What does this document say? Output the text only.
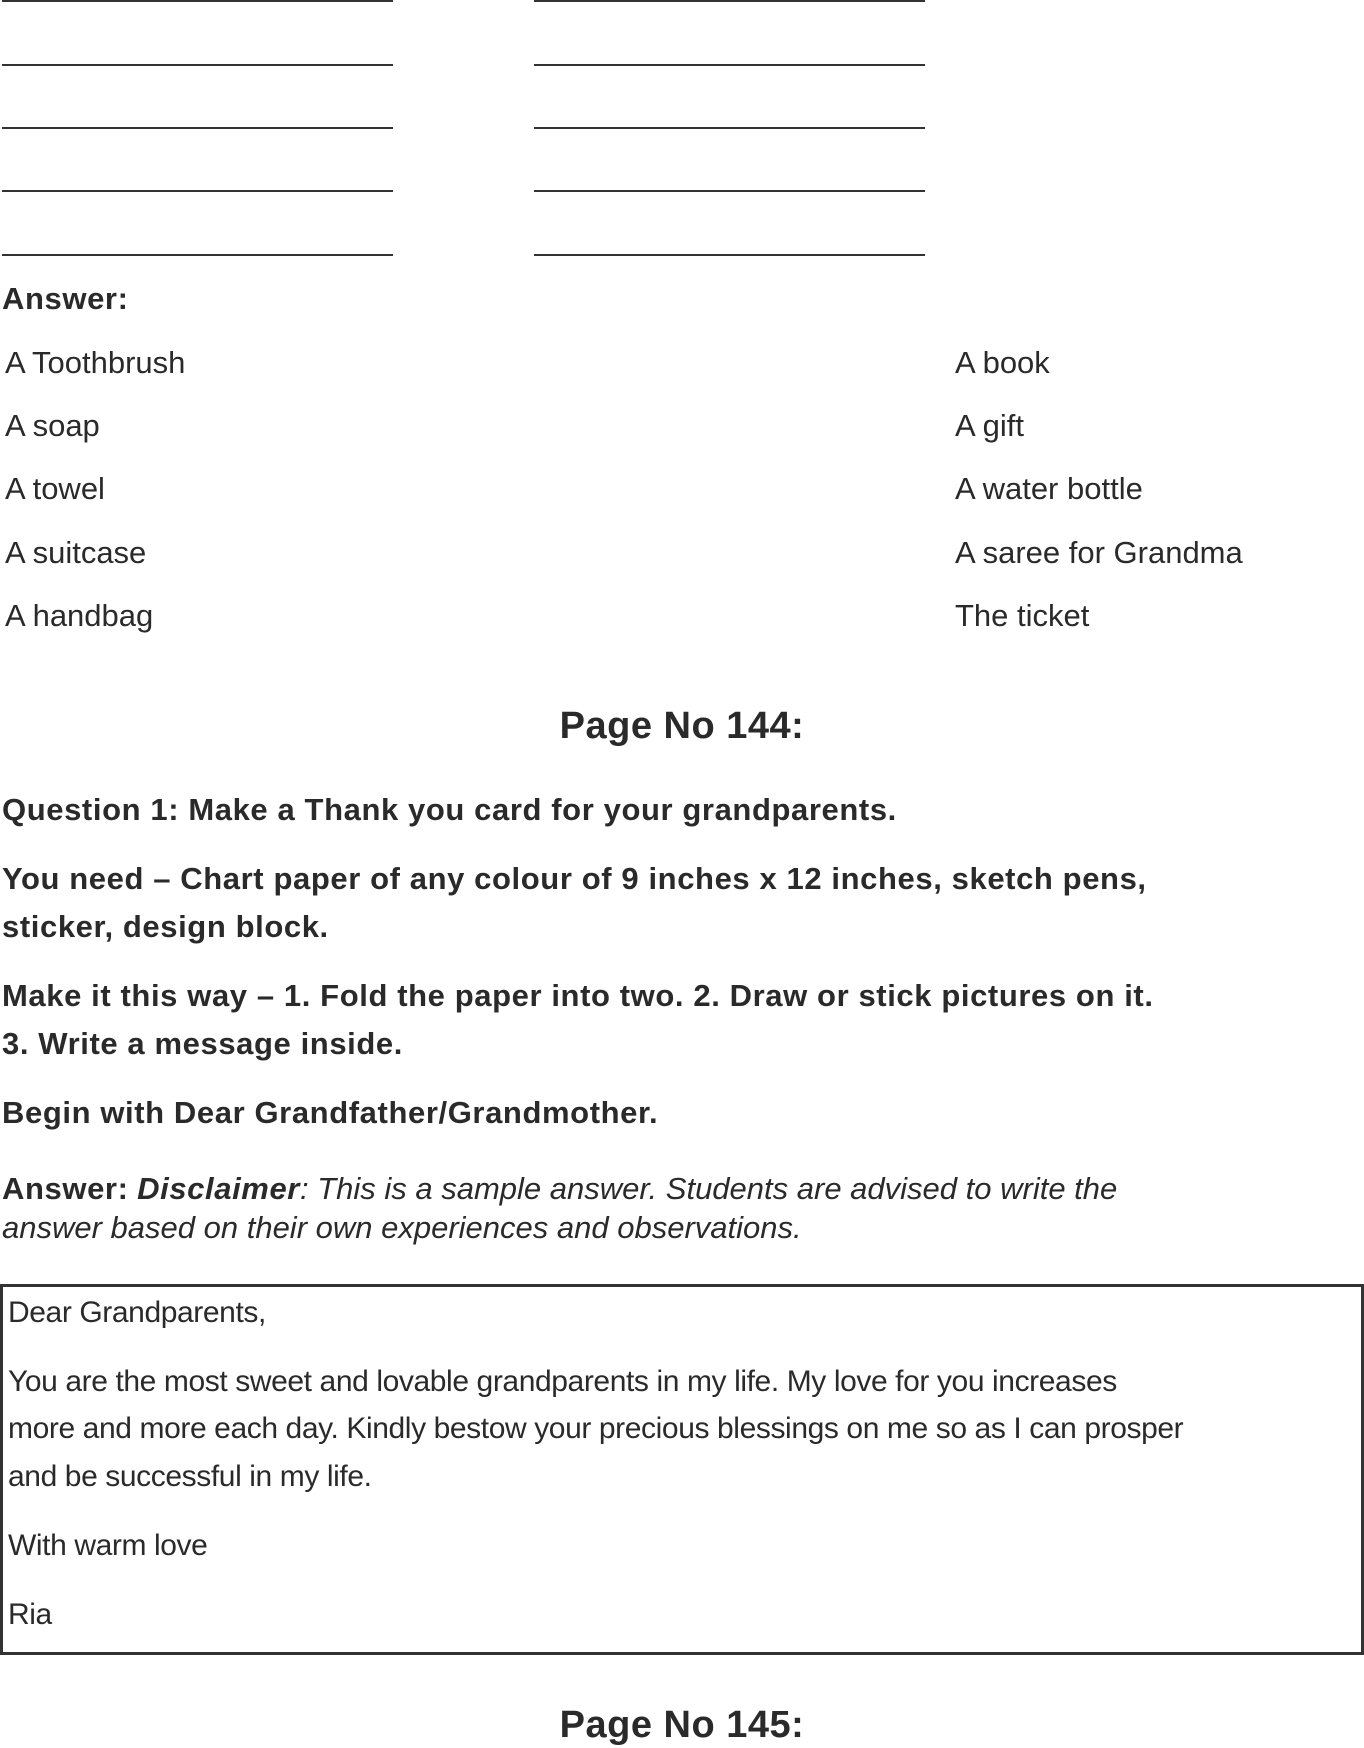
Answer:
A Toothbrush
A soap
A towel
A suitcase
A handbag
A book
A gift
A water bottle
A saree for Grandma
The ticket
Page No 144:
Question 1: Make a Thank you card for your grandparents.
You need – Chart paper of any colour of 9 inches x 12 inches, sketch pens,
sticker, design block.
Make it this way – 1. Fold the paper into two. 2. Draw or stick pictures on it.
3. Write a message inside.
Begin with Dear Grandfather/Grandmother.
Answer: Disclaimer: This is a sample answer. Students are advised to write the
answer based on their own experiences and observations.
Dear Grandparents,
You are the most sweet and lovable grandparents in my life. My love for you increases
more and more each day. Kindly bestow your precious blessings on me so as I can prosper
and be successful in my life.
With warm love
Ria
Page No 145:
